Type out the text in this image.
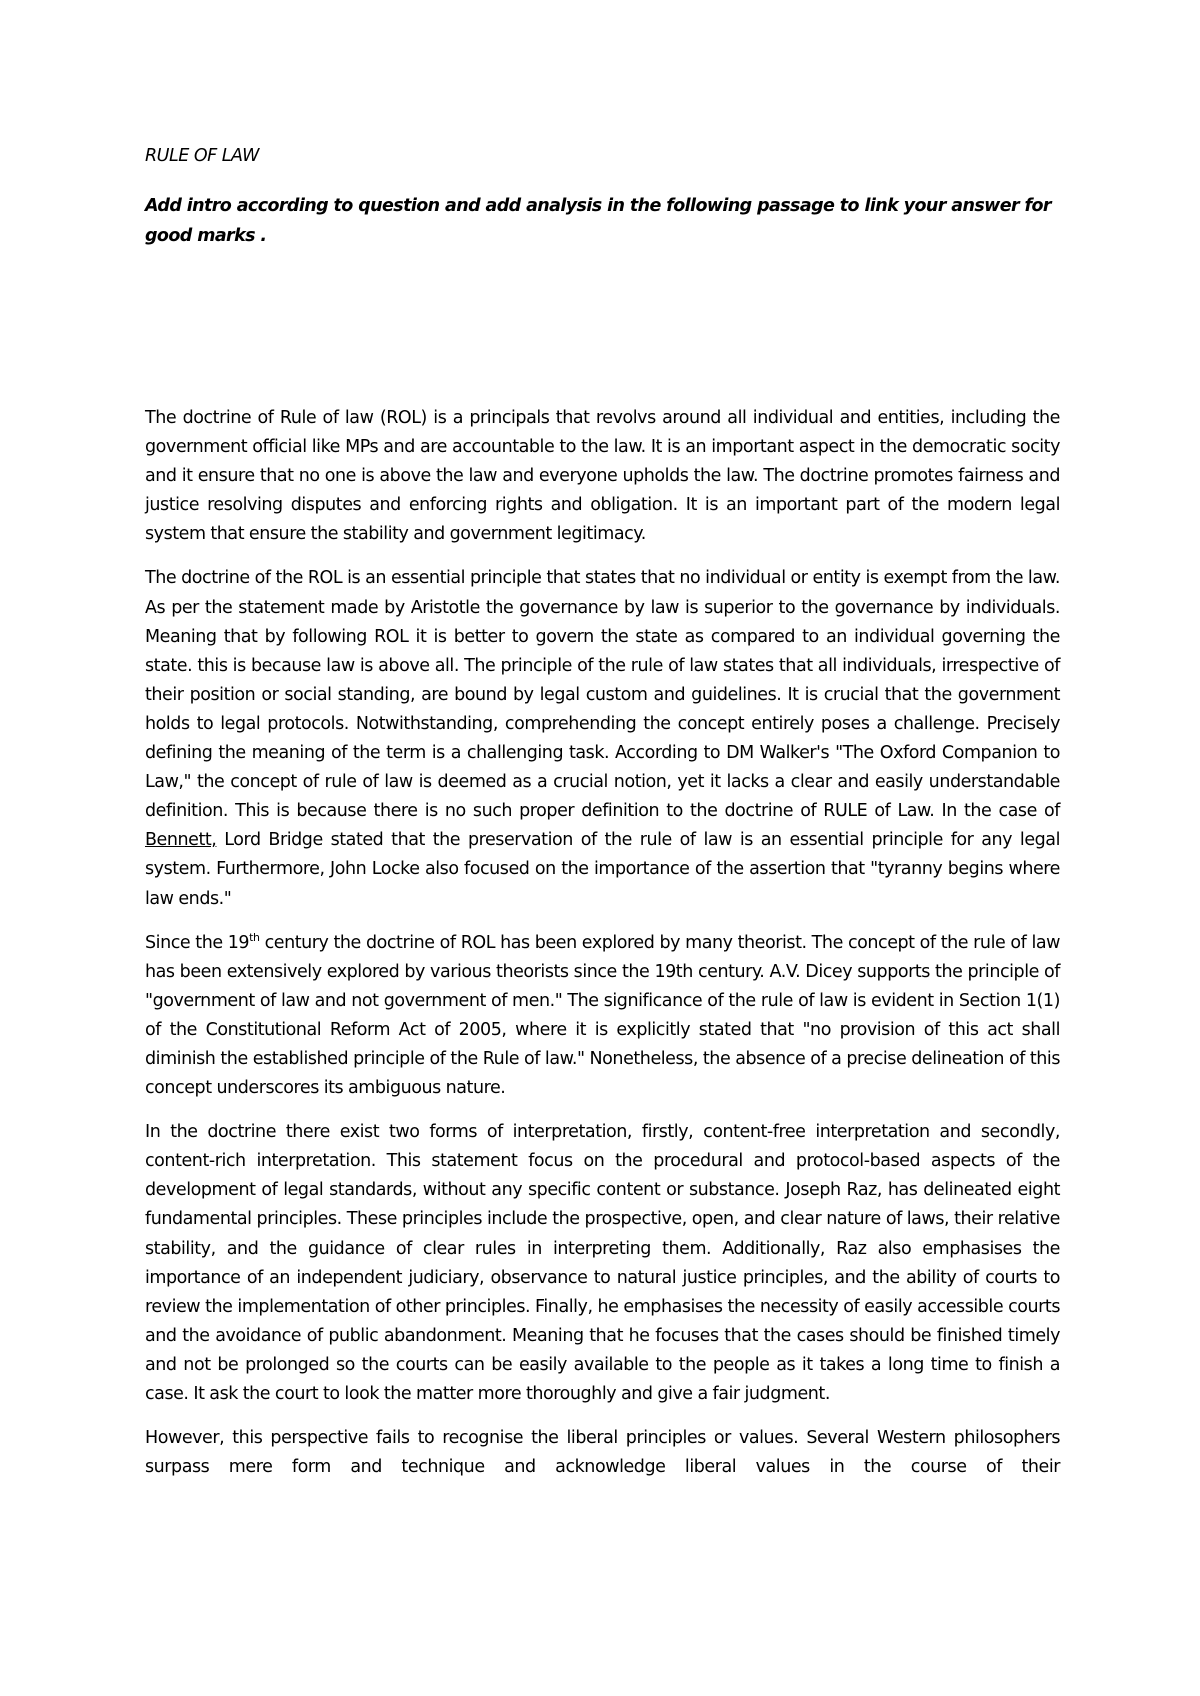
RULE OF LAW

Add intro according to question and add analysis in the following passage to link your answer for good marks .

The doctrine of Rule of law (ROL) is a principals that revolvs around all individual and entities, including the government official like MPs and are accountable to the law. It is an important aspect in the democratic socity and it ensure that no one is above the law and everyone upholds the law. The doctrine promotes fairness and justice resolving disputes and enforcing rights and obligation. It is an important part of the modern legal system that ensure the stability and government legitimacy.

The doctrine of the ROL is an essential principle that states that no individual or entity is exempt from the law. As per the statement made by Aristotle the governance by law is superior to the governance by individuals. Meaning that by following ROL it is better to govern the state as compared to an individual governing the state. this is because law is above all. The principle of the rule of law states that all individuals, irrespective of their position or social standing, are bound by legal custom and guidelines. It is crucial that the government holds to legal protocols. Notwithstanding, comprehending the concept entirely poses a challenge. Precisely defining the meaning of the term is a challenging task. According to DM Walker's "The Oxford Companion to Law," the concept of rule of law is deemed as a crucial notion, yet it lacks a clear and easily understandable definition. This is because there is no such proper definition to the doctrine of RULE of Law. In the case of Bennett, Lord Bridge stated that the preservation of the rule of law is an essential principle for any legal system. Furthermore, John Locke also focused on the importance of the assertion that "tyranny begins where law ends."

Since the 19th century the doctrine of ROL has been explored by many theorist. The concept of the rule of law has been extensively explored by various theorists since the 19th century. A.V. Dicey supports the principle of "government of law and not government of men." The significance of the rule of law is evident in Section 1(1) of the Constitutional Reform Act of 2005, where it is explicitly stated that "no provision of this act shall diminish the established principle of the Rule of law." Nonetheless, the absence of a precise delineation of this concept underscores its ambiguous nature.

In the doctrine there exist two forms of interpretation, firstly, content-free interpretation and secondly, content-rich interpretation. This statement focus on the procedural and protocol-based aspects of the development of legal standards, without any specific content or substance. Joseph Raz, has delineated eight fundamental principles. These principles include the prospective, open, and clear nature of laws, their relative stability, and the guidance of clear rules in interpreting them. Additionally, Raz also emphasises the importance of an independent judiciary, observance to natural justice principles, and the ability of courts to review the implementation of other principles. Finally, he emphasises the necessity of easily accessible courts and the avoidance of public abandonment. Meaning that he focuses that the cases should be finished timely and not be prolonged so the courts can be easily available to the people as it takes a long time to finish a case. It ask the court to look the matter more thoroughly and give a fair judgment.

However, this perspective fails to recognise the liberal principles or values. Several Western philosophers surpass mere form and technique and acknowledge liberal values in the course of their
